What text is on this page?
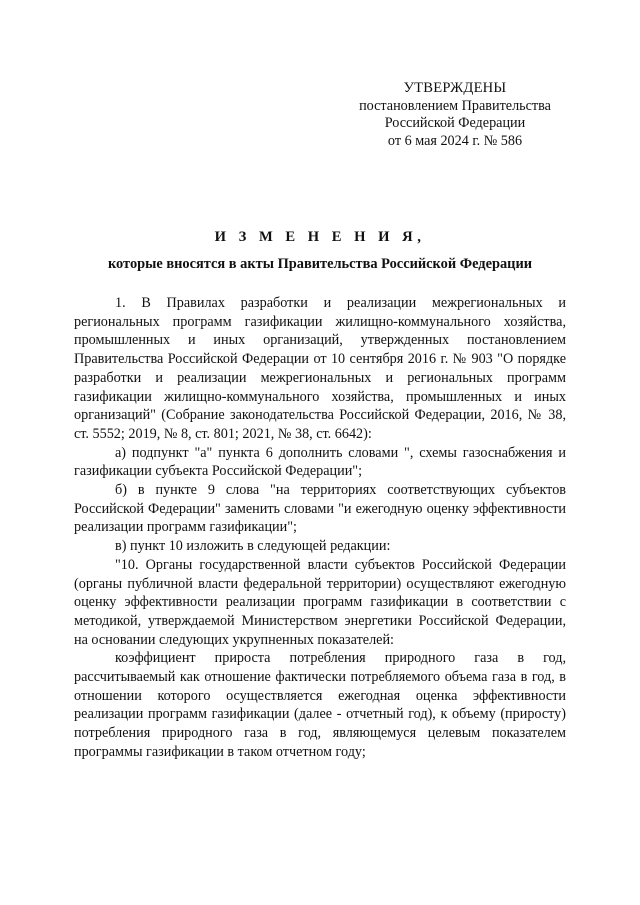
УТВЕРЖДЕНЫ
постановлением Правительства
Российской Федерации
от 6 мая 2024 г. № 586
И З М Е Н Е Н И Я,
которые вносятся в акты Правительства Российской Федерации

1. В Правилах разработки и реализации межрегиональных и региональных программ газификации жилищно-коммунального хозяйства, промышленных и иных организаций, утвержденных постановлением Правительства Российской Федерации от 10 сентября 2016 г. № 903 "О порядке разработки и реализации межрегиональных и региональных программ газификации жилищно-коммунального хозяйства, промышленных и иных организаций" (Собрание законодательства Российской Федерации, 2016, № 38, ст. 5552; 2019, № 8, ст. 801; 2021, № 38, ст. 6642):

а) подпункт "а" пункта 6 дополнить словами ", схемы газоснабжения и газификации субъекта Российской Федерации";

б) в пункте 9 слова "на территориях соответствующих субъектов Российской Федерации" заменить словами "и ежегодную оценку эффективности реализации программ газификации";

в) пункт 10 изложить в следующей редакции:

"10. Органы государственной власти субъектов Российской Федерации (органы публичной власти федеральной территории) осуществляют ежегодную оценку эффективности реализации программ газификации в соответствии с методикой, утверждаемой Министерством энергетики Российской Федерации, на основании следующих укрупненных показателей:

коэффициент прироста потребления природного газа в год, рассчитываемый как отношение фактически потребляемого объема газа в год, в отношении которого осуществляется ежегодная оценка эффективности реализации программ газификации (далее - отчетный год), к объему (приросту) потребления природного газа в год, являющемуся целевым показателем программы газификации в таком отчетном году;
